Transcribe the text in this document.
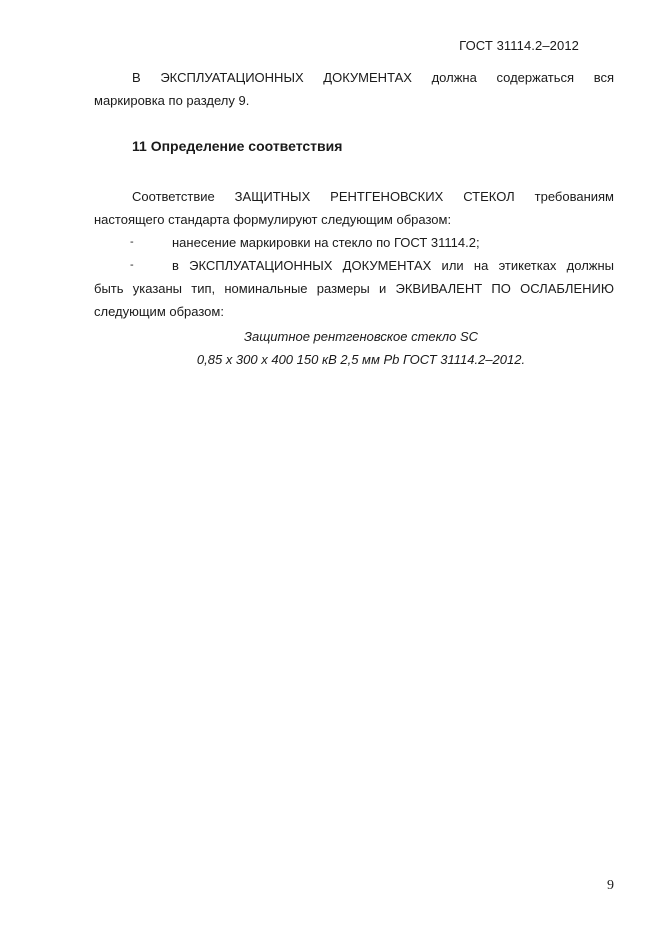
ГОСТ 31114.2–2012
В ЭКСПЛУАТАЦИОННЫХ ДОКУМЕНТАХ должна содержаться вся
маркировка по разделу 9.
11 Определение соответствия
Соответствие ЗАЩИТНЫХ РЕНТГЕНОВСКИХ СТЕКОЛ требованиям
настоящего стандарта формулируют следующим образом:
-	нанесение маркировки на стекло по ГОСТ 31114.2;
-	в ЭКСПЛУАТАЦИОННЫХ ДОКУМЕНТАХ или на этикетках должны
быть указаны тип, номинальные размеры и ЭКВИВАЛЕНТ ПО ОСЛАБЛЕНИЮ
следующим образом:
Защитное рентгеновское стекло SC
0,85 х 300 х 400 150 кВ 2,5 мм Pb ГОСТ 31114.2–2012.
9
